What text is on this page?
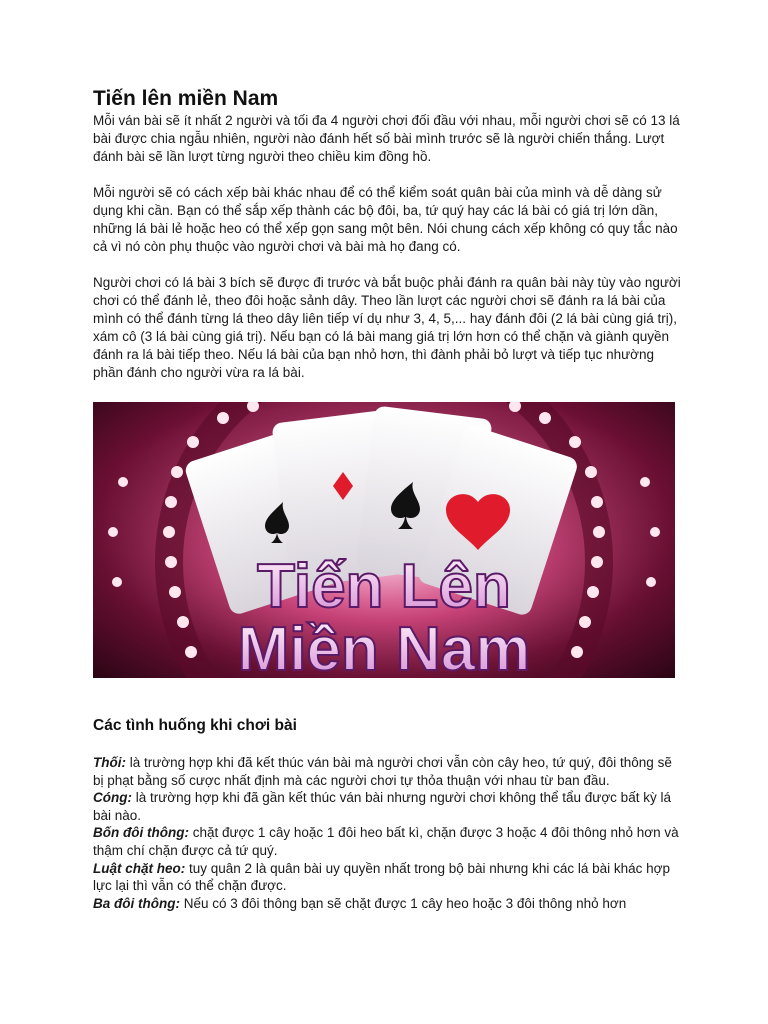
Tiến lên miền Nam

Mỗi ván bài sẽ ít nhất 2 người và tối đa 4 người chơi đối đầu với nhau, mỗi người chơi sẽ có 13 lá bài được chia ngẫu nhiên, người nào đánh hết số bài mình trước sẽ là người chiến thắng. Lượt đánh bài sẽ lần lượt từng người theo chiều kim đồng hồ.

Mỗi người sẽ có cách xếp bài khác nhau để có thể kiểm soát quân bài của mình và dễ dàng sử dụng khi cần. Bạn có thể sắp xếp thành các bộ đôi, ba, tứ quý hay các lá bài có giá trị lớn dần, những lá bài lẻ hoặc heo có thể xếp gọn sang một bên. Nói chung cách xếp không có quy tắc nào cả vì nó còn phụ thuộc vào người chơi và bài mà họ đang có.

Người chơi có lá bài 3 bích sẽ được đi trước và bắt buộc phải đánh ra quân bài này tùy vào người chơi có thể đánh lẻ, theo đôi hoặc sảnh dây. Theo lần lượt các người chơi sẽ đánh ra lá bài của mình có thể đánh từng lá theo dây liên tiếp ví dụ như 3, 4, 5,... hay đánh đôi (2 lá bài cùng giá trị), xám cô (3 lá bài cùng giá trị). Nếu bạn có lá bài mang giá trị lớn hơn có thể chặn và giành quyền đánh ra lá bài tiếp theo. Nếu lá bài của bạn nhỏ hơn, thì đành phải bỏ lượt và tiếp tục nhường phần đánh cho người vừa ra lá bài.

Tiến Lên
Miền Nam
Các tình huống khi chơi bài

Thối: là trường hợp khi đã kết thúc ván bài mà người chơi vẫn còn cây heo, tứ quý, đôi thông sẽ bị phạt bằng số cược nhất định mà các người chơi tự thỏa thuận với nhau từ ban đầu.

Cóng: là trường hợp khi đã gần kết thúc ván bài nhưng người chơi không thể tẩu được bất kỳ lá bài nào.

Bốn đôi thông: chặt được 1 cây hoặc 1 đôi heo bất kì, chặn được 3 hoặc 4 đôi thông nhỏ hơn và thậm chí chặn được cả tứ quý.

Luật chặt heo: tuy quân 2 là quân bài uy quyền nhất trong bộ bài nhưng khi các lá bài khác hợp lực lại thì vẫn có thể chặn được.

Ba đôi thông: Nếu có 3 đôi thông bạn sẽ chặt được 1 cây heo hoặc 3 đôi thông nhỏ hơn
